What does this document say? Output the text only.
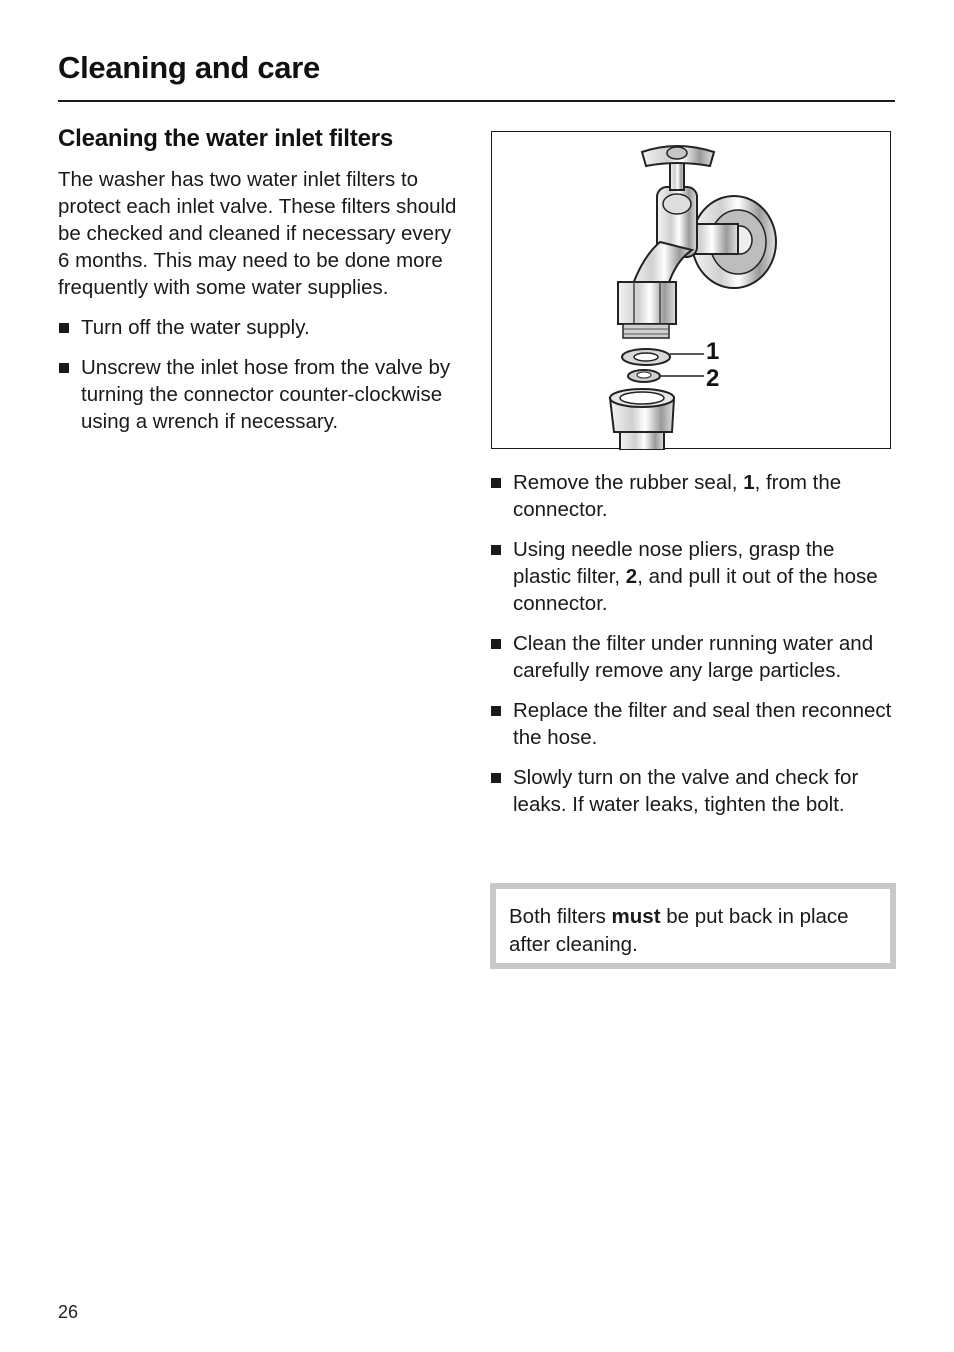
Cleaning and care
Cleaning the water inlet filters

The washer has two water inlet filters to protect each inlet valve. These filters should be checked and cleaned if necessary every 6 months. This may need to be done more frequently with some water supplies.

Turn off the water supply.
Unscrew the inlet hose from the valve by turning the connector counter-clockwise using a wrench if necessary.
1
2
Remove the rubber seal, 1, from the connector.
Using needle nose pliers, grasp the plastic filter, 2, and pull it out of the hose connector.
Clean the filter under running water and carefully remove any large particles.
Replace the filter and seal then reconnect the hose.
Slowly turn on the valve and check for leaks. If water leaks, tighten the bolt.
Both filters must be put back in place after cleaning.
26
